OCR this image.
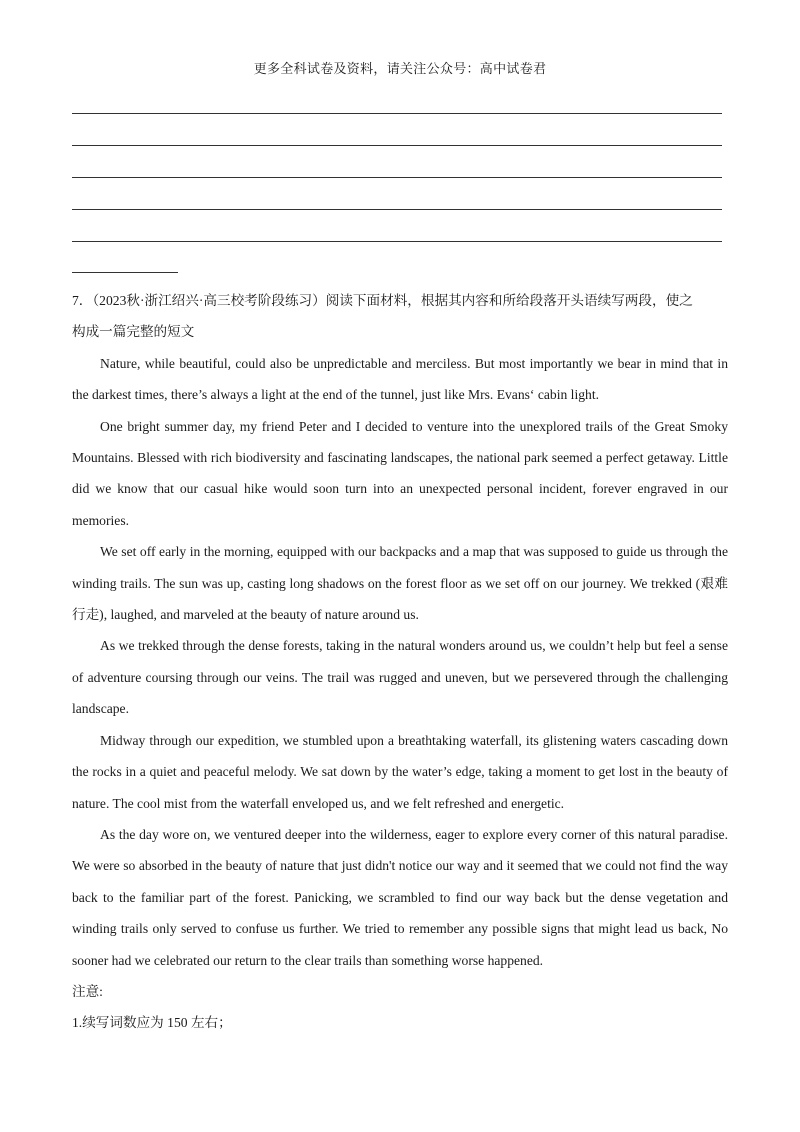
更多全科试卷及资料，请关注公众号：高中试卷君

7．（2023秋·浙江绍兴·高三校考阶段练习）阅读下面材料，根据其内容和所给段落开头语续写两段，使之
构成一篇完整的短文

Nature, while beautiful, could also be unpredictable and merciless. But most importantly we bear in mind that in the darkest times, there’s always a light at the end of the tunnel, just like Mrs. Evans‘ cabin light.

One bright summer day, my friend Peter and I decided to venture into the unexplored trails of the Great Smoky Mountains. Blessed with rich biodiversity and fascinating landscapes, the national park seemed a perfect getaway. Little did we know that our casual hike would soon turn into an unexpected personal incident, forever engraved in our memories.

We set off early in the morning, equipped with our backpacks and a map that was supposed to guide us through the winding trails. The sun was up, casting long shadows on the forest floor as we set off on our journey. We trekked (艰难行走), laughed, and marveled at the beauty of nature around us.

As we trekked through the dense forests, taking in the natural wonders around us, we couldn’t help but feel a sense of adventure coursing through our veins. The trail was rugged and uneven, but we persevered through the challenging landscape.

Midway through our expedition, we stumbled upon a breathtaking waterfall, its glistening waters cascading down the rocks in a quiet and peaceful melody. We sat down by the water’s edge, taking a moment to get lost in the beauty of nature. The cool mist from the waterfall enveloped us, and we felt refreshed and energetic.

As the day wore on, we ventured deeper into the wilderness, eager to explore every corner of this natural paradise. We were so absorbed in the beauty of nature that just didn't notice our way and it seemed that we could not find the way back to the familiar part of the forest. Panicking, we scrambled to find our way back but the dense vegetation and winding trails only served to confuse us further. We tried to remember any possible signs that might lead us back, No sooner had we celebrated our return to the clear trails than something worse happened.

注意:

1.续写词数应为 150 左右；
